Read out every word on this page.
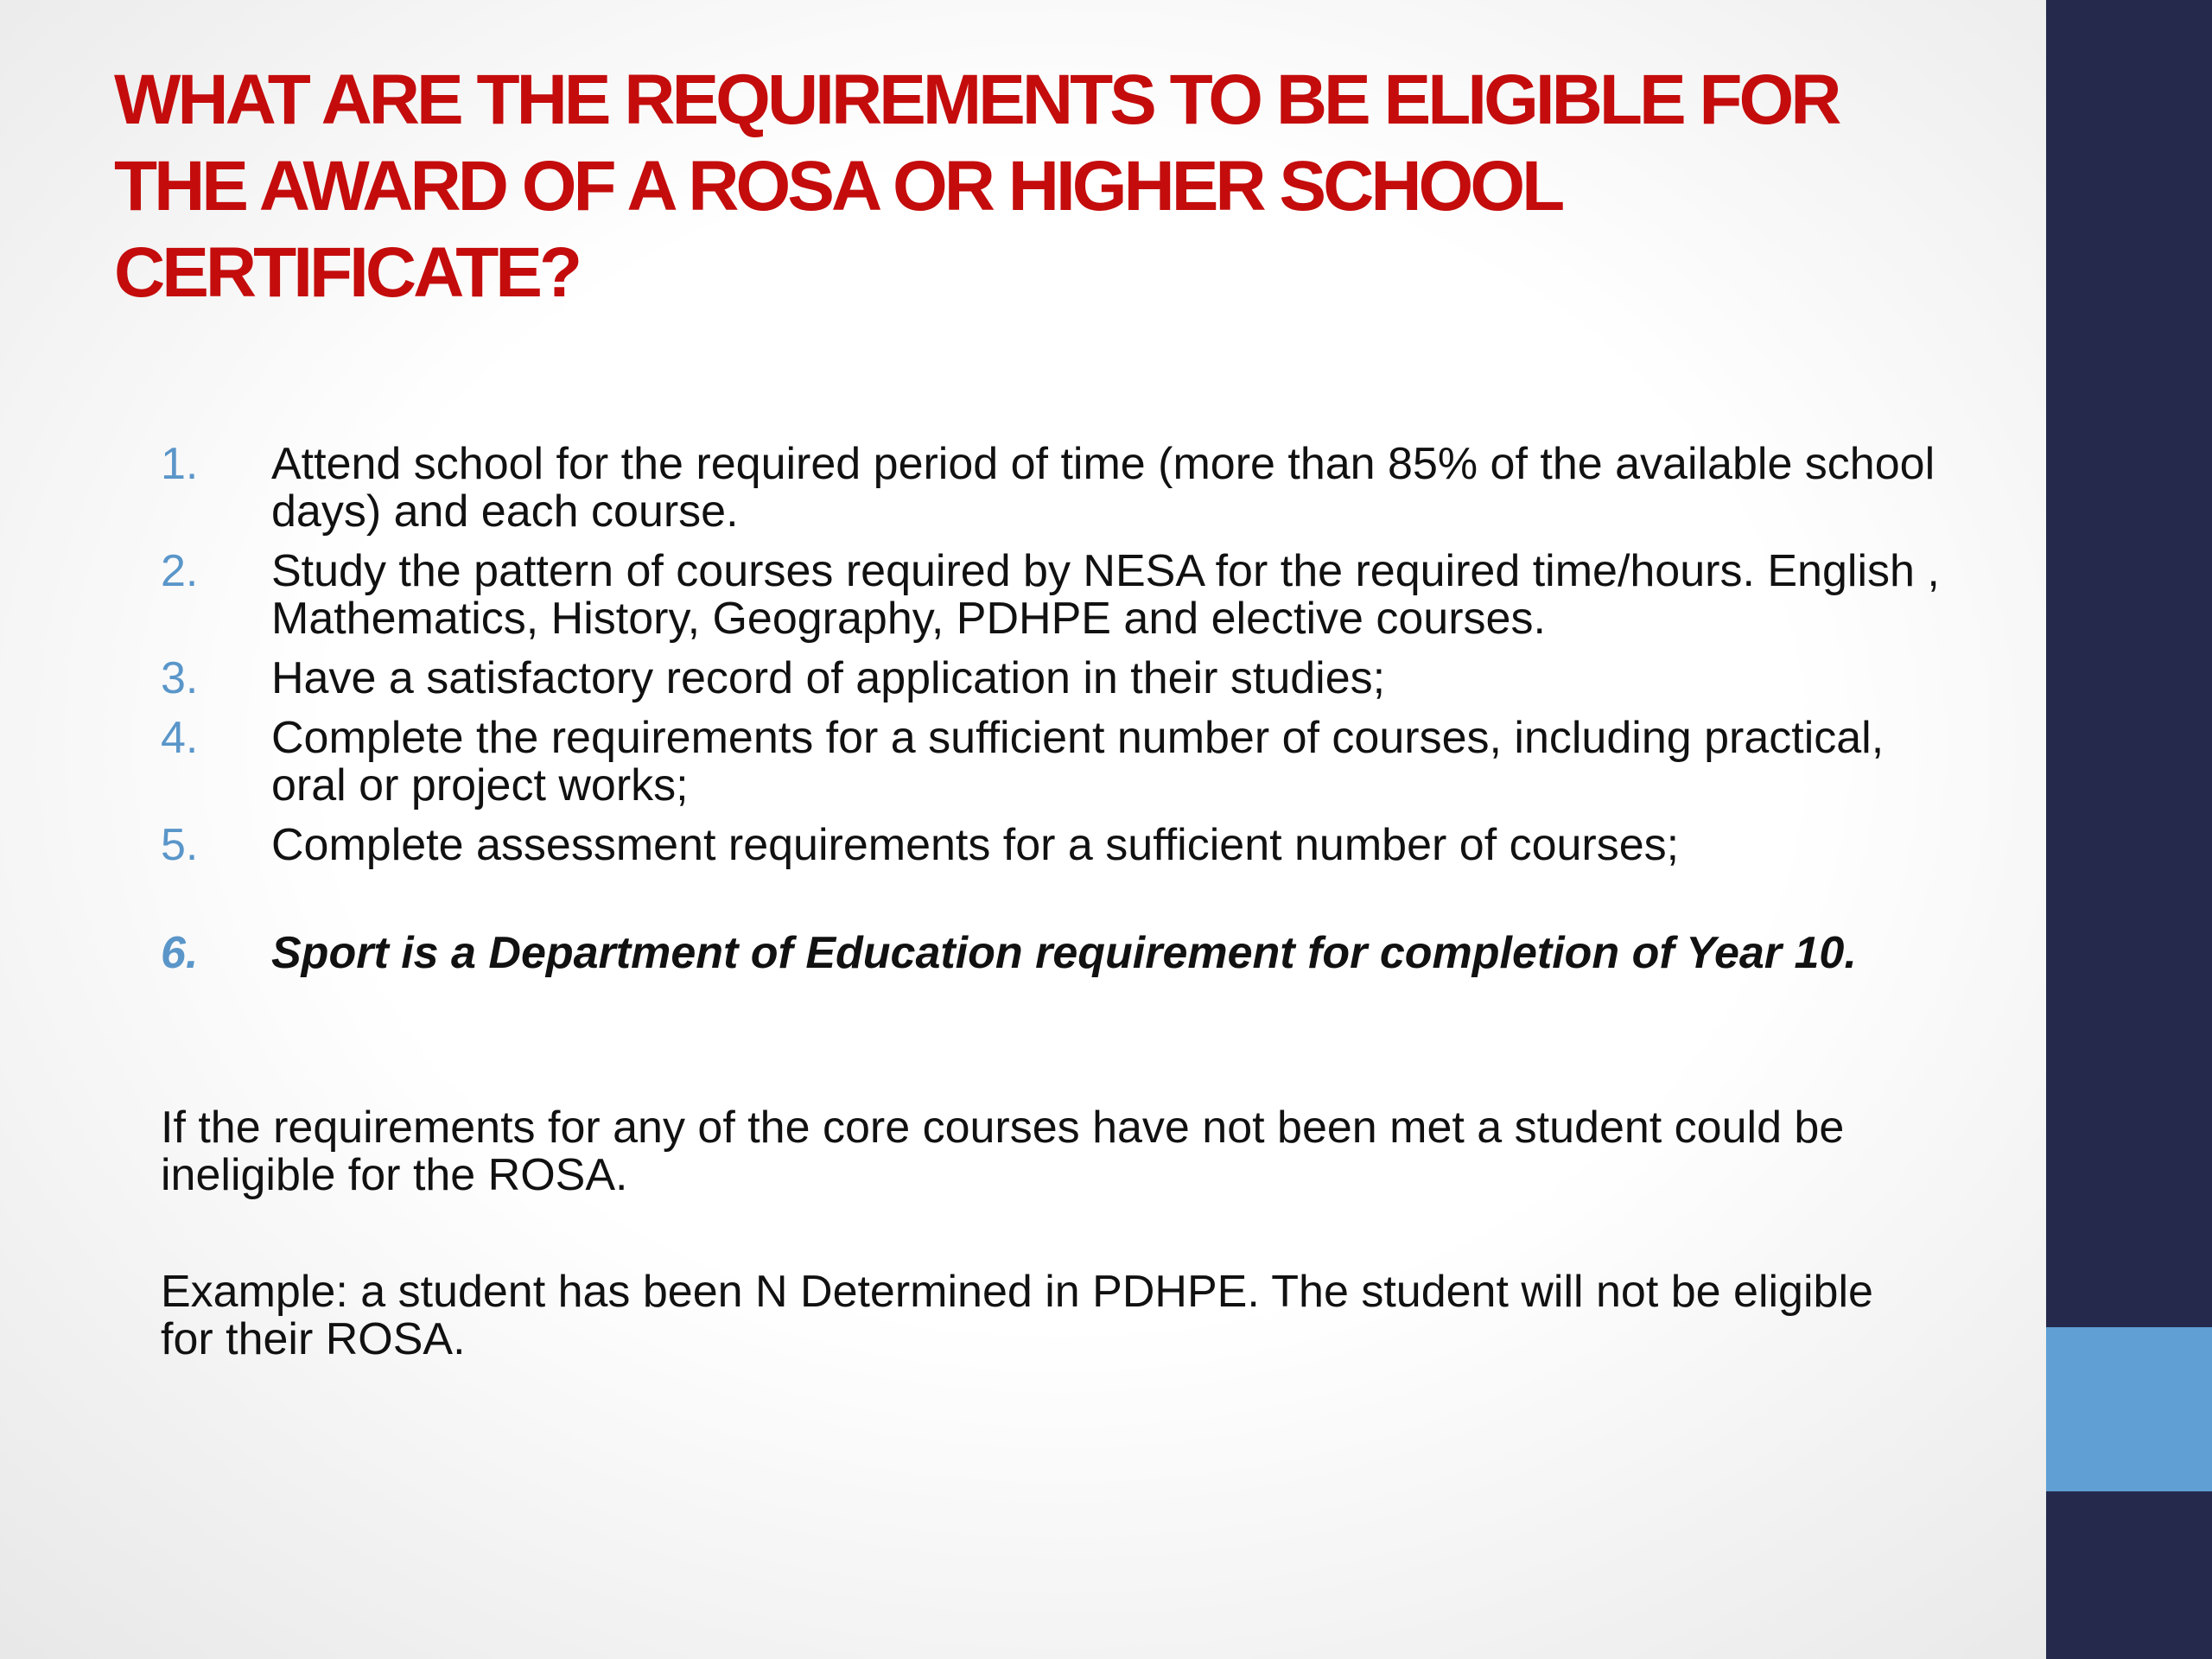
WHAT ARE THE REQUIREMENTS TO BE ELIGIBLE FOR THE AWARD OF A ROSA OR HIGHER SCHOOL CERTIFICATE?
1. Attend school for the required period of time (more than 85% of the available school days) and each course.
2. Study the pattern of courses required by NESA for the required time/hours. English , Mathematics, History, Geography, PDHPE and elective courses.
3. Have a satisfactory record of application in their studies;
4. Complete the requirements for a sufficient number of courses, including practical, oral or project works;
5. Complete assessment requirements for a sufficient number of courses;
6. Sport is a Department of Education requirement for completion of Year 10.

If the requirements for any of the core courses have not been met a student could be ineligible for the ROSA.

Example: a student has been N Determined in PDHPE. The student will not be eligible for their ROSA.
